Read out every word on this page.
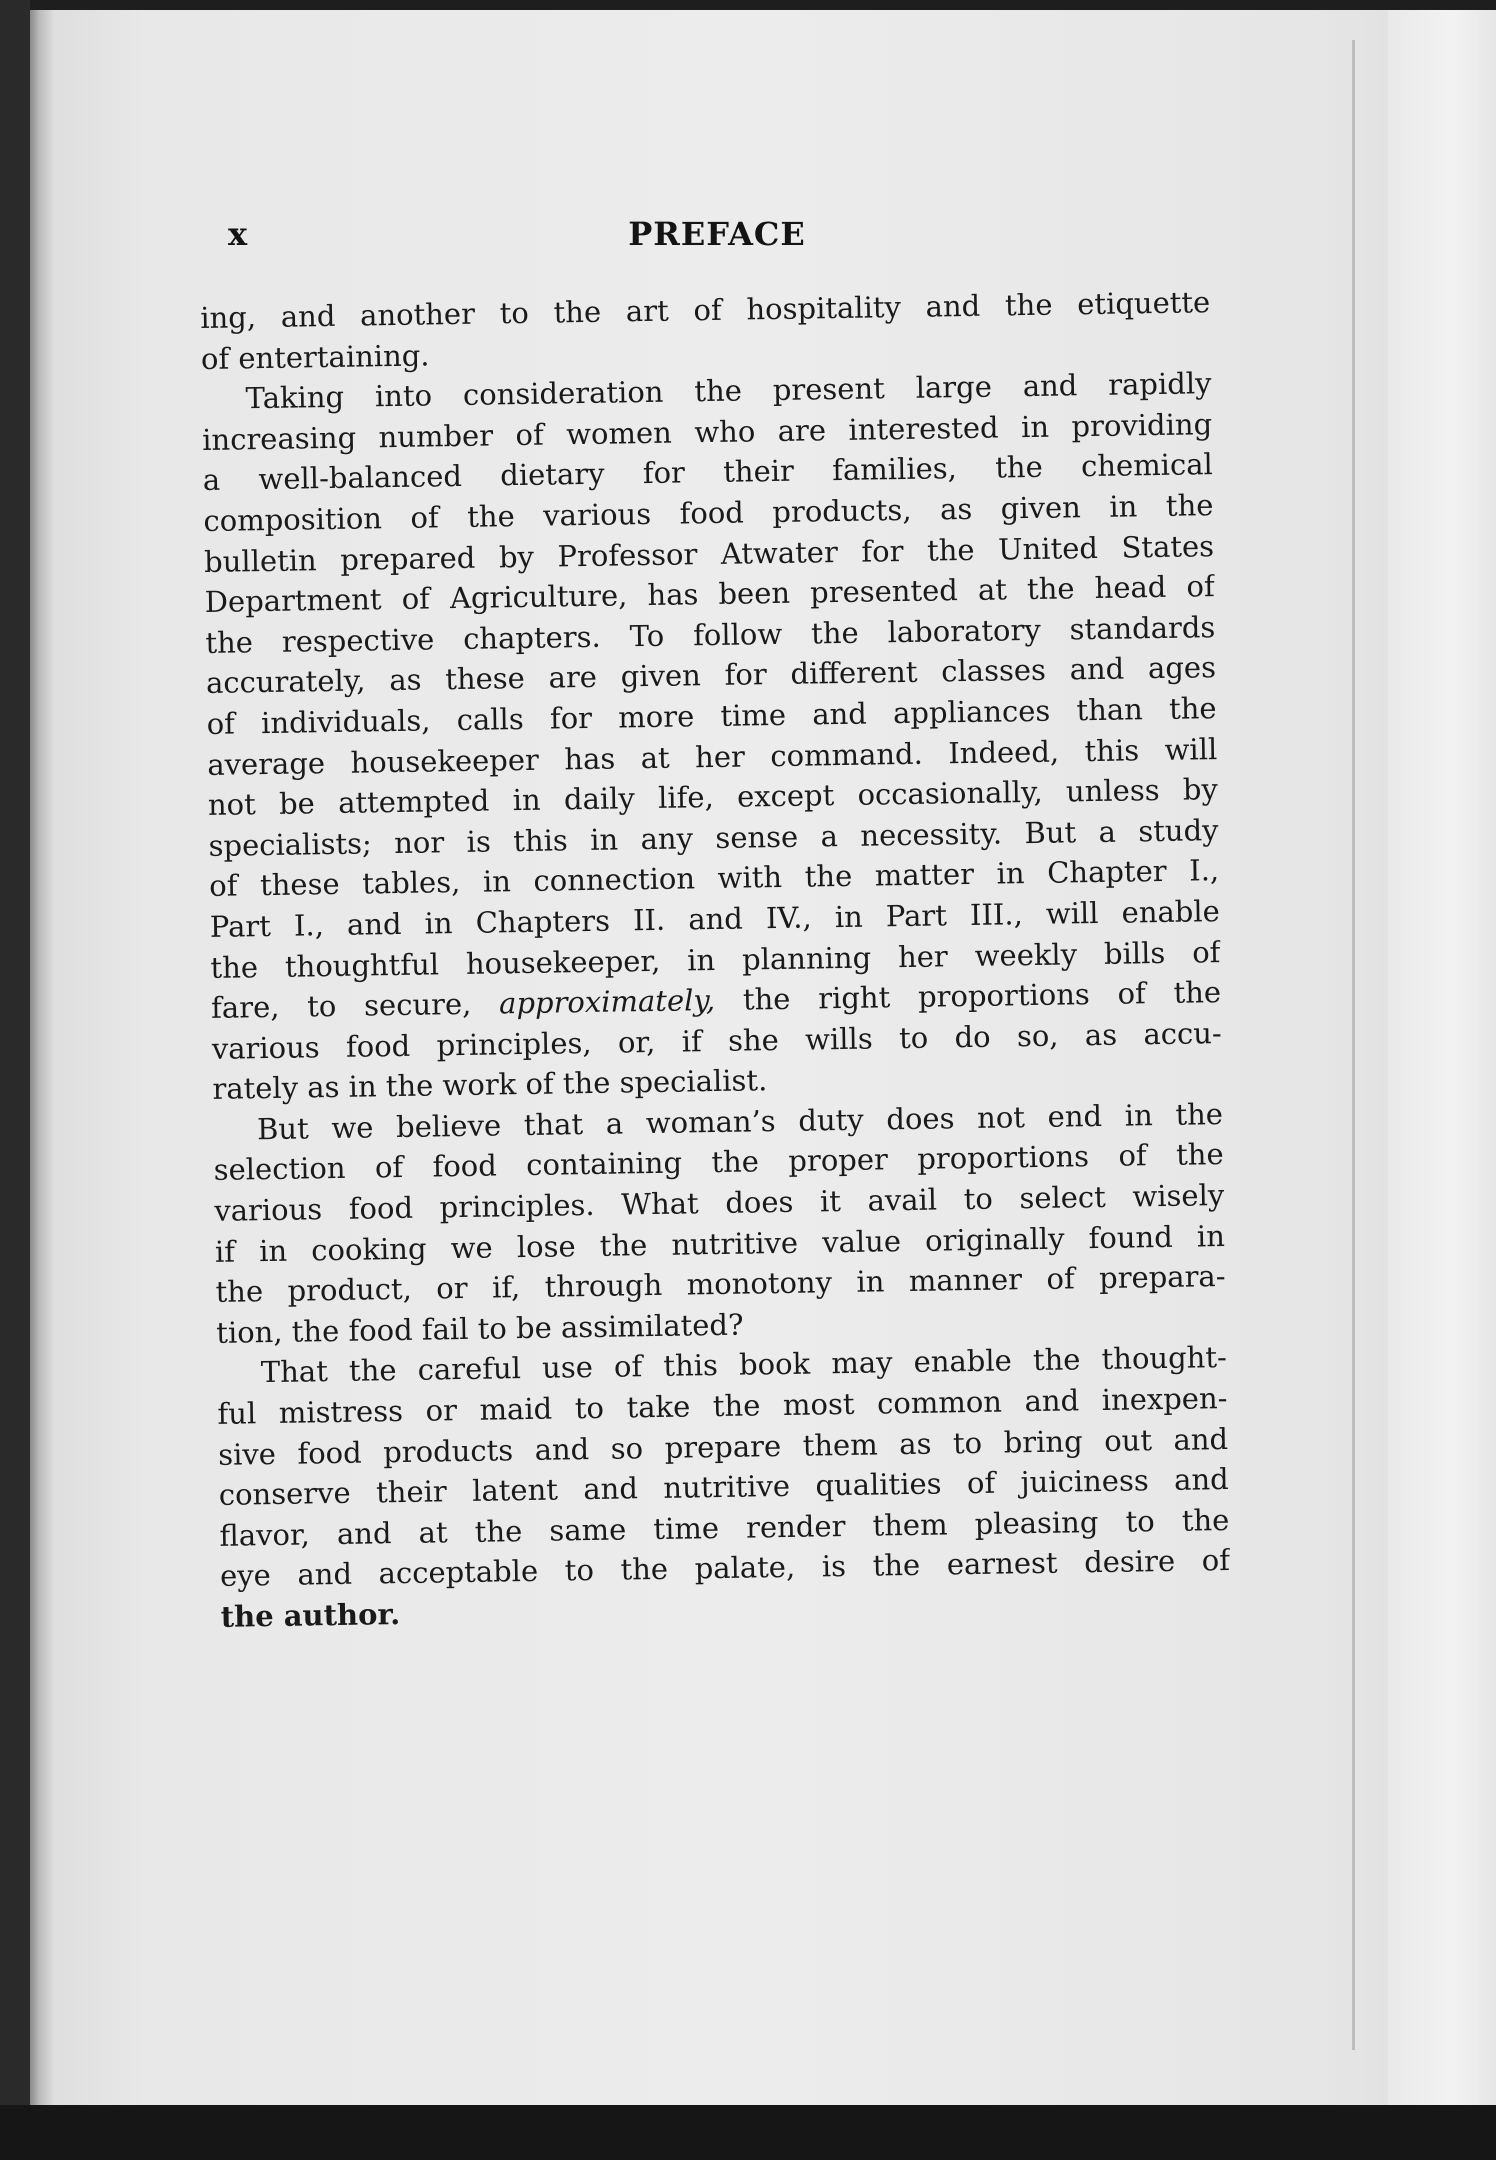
x	PREFACE
ing, and another to the art of hospitality and the etiquette
of entertaining.
Taking into consideration the present large and rapidly
increasing number of women who are interested in providing
a well-balanced dietary for their families, the chemical
composition of the various food products, as given in the
bulletin prepared by Professor Atwater for the United States
Department of Agriculture, has been presented at the head of
the respective chapters. To follow the laboratory standards
accurately, as these are given for different classes and ages
of individuals, calls for more time and appliances than the
average housekeeper has at her command. Indeed, this will
not be attempted in daily life, except occasionally, unless by
specialists; nor is this in any sense a necessity. But a study
of these tables, in connection with the matter in Chapter I.,
Part I., and in Chapters II. and IV., in Part III., will enable
the thoughtful housekeeper, in planning her weekly bills of
fare, to secure, approximately, the right proportions of the
various food principles, or, if she wills to do so, as accu-
rately as in the work of the specialist.
But we believe that a woman’s duty does not end in the
selection of food containing the proper proportions of the
various food principles. What does it avail to select wisely
if in cooking we lose the nutritive value originally found in
the product, or if, through monotony in manner of prepara-
tion, the food fail to be assimilated?
That the careful use of this book may enable the thought-
ful mistress or maid to take the most common and inexpen-
sive food products and so prepare them as to bring out and
conserve their latent and nutritive qualities of juiciness and
flavor, and at the same time render them pleasing to the
eye and acceptable to the palate, is the earnest desire of
the author.
